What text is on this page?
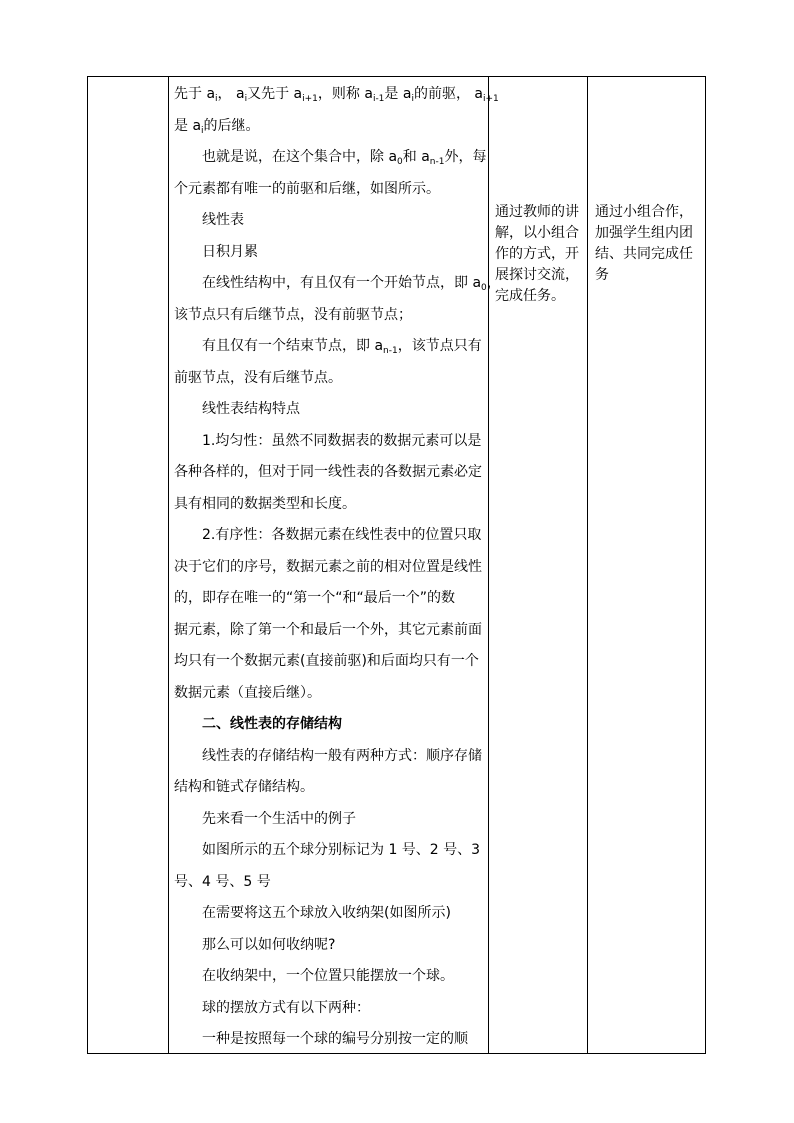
先于 $a_i$， $a_i$又先于 $a_{i+1}$，则称 $a_{i-1}$是 $a_i$的前驱， $a_{i+1}$
是 $a_i$的后继。
也就是说，在这个集合中，除 $a_0$和 $a_{n-1}$外，每
个元素都有唯一的前驱和后继，如图所示。
线性表
日积月累
在线性结构中，有且仅有一个开始节点，即 $a_0$，
该节点只有后继节点，没有前驱节点；
有且仅有一个结束节点，即 $a_{n-1}$，该节点只有
前驱节点，没有后继节点。
线性表结构特点
1.均匀性：虽然不同数据表的数据元素可以是
各种各样的，但对于同一线性表的各数据元素必定
具有相同的数据类型和长度。
2.有序性：各数据元素在线性表中的位置只取
决于它们的序号，数据元素之前的相对位置是线性
的，即存在唯一的“第一个“和“最后一个”的数
据元素，除了第一个和最后一个外，其它元素前面
均只有一个数据元素(直接前驱)和后面均只有一个
数据元素（直接后继）。
二、线性表的存储结构
线性表的存储结构一般有两种方式：顺序存储
结构和链式存储结构。
先来看一个生活中的例子
如图所示的五个球分别标记为 1 号、2 号、3
号、4 号、5 号
在需要将这五个球放入收纳架(如图所示)
那么可以如何收纳呢?
在收纳架中，一个位置只能摆放一个球。
球的摆放方式有以下两种：
一种是按照每一个球的编号分别按一定的顺
通过教师的讲
解，以小组合
作的方式，开
展探讨交流，
完成任务。
通过小组合作，
加强学生组内团
结、共同完成任
务
